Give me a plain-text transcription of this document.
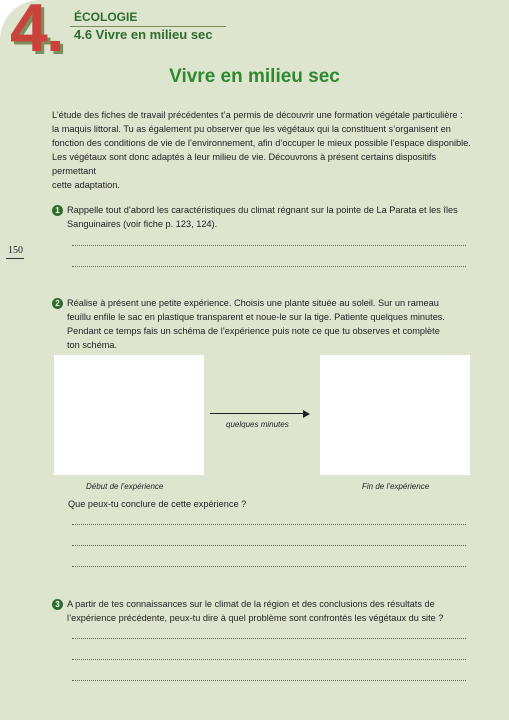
4. ÉCOLOGIE
4.6 Vivre en milieu sec
Vivre en milieu sec
150
L’étude des fiches de travail précédentes t’a permis de découvrir une formation végétale particulière :
la maquis littoral. Tu as également pu observer que les végétaux qui la constituent s’organisent en
fonction des conditions de vie de l’environnement, afin d’occuper le mieux possible l’espace disponible.
Les végétaux sont donc adaptés à leur milieu de vie. Découvrons à présent certains dispositifs permettant
cette adaptation.
1 Rappelle tout d’abord les caractéristiques du climat régnant sur la pointe de La Parata et les îles
Sanguinaires (voir fiche p. 123, 124).
2 Réalise à présent une petite expérience. Choisis une plante située au soleil. Sur un rameau
feuillu enfile le sac en plastique transparent et noue-le sur la tige. Patiente quelques minutes.
Pendant ce temps fais un schéma de l’expérience puis note ce que tu observes et complète
ton schéma.
quelques minutes
Début de l’expérience	Fin de l’expérience
Que peux-tu conclure de cette expérience ?
3 A partir de tes connaissances sur le climat de la région et des conclusions des résultats de
l’expérience précédente, peux-tu dire à quel problème sont confrontés les végétaux du site ?
